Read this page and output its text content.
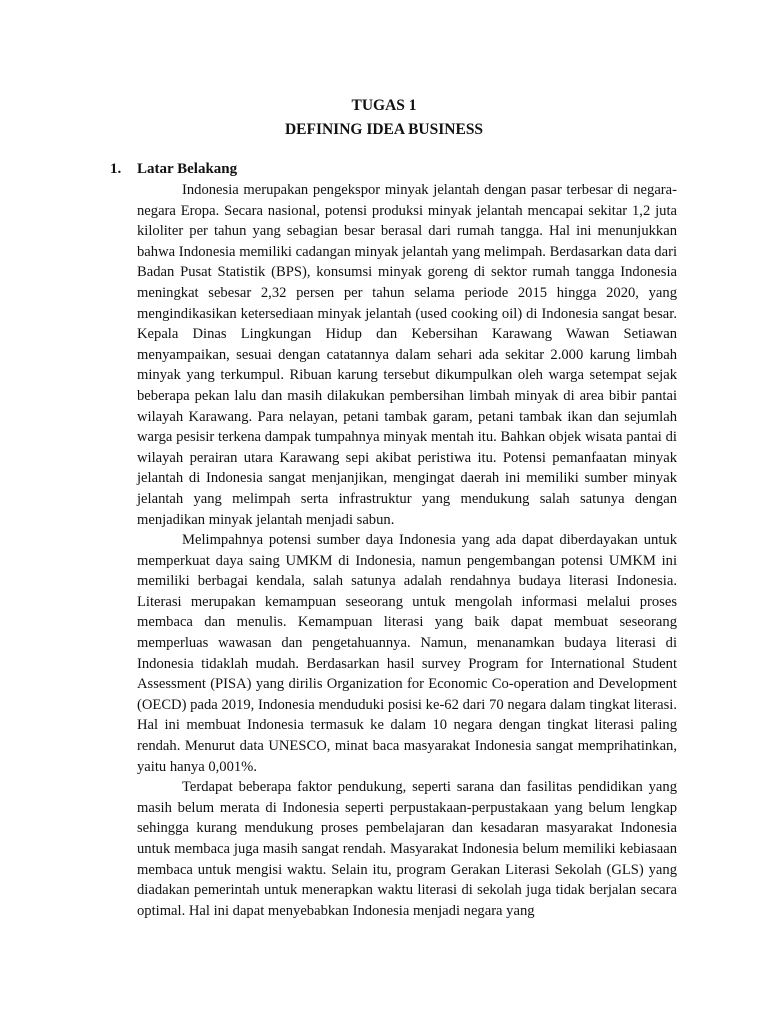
TUGAS 1
DEFINING IDEA BUSINESS
1. Latar Belakang

Indonesia merupakan pengekspor minyak jelantah dengan pasar terbesar di negara-negara Eropa. Secara nasional, potensi produksi minyak jelantah mencapai sekitar 1,2 juta kiloliter per tahun yang sebagian besar berasal dari rumah tangga. Hal ini menunjukkan bahwa Indonesia memiliki cadangan minyak jelantah yang melimpah. Berdasarkan data dari Badan Pusat Statistik (BPS), konsumsi minyak goreng di sektor rumah tangga Indonesia meningkat sebesar 2,32 persen per tahun selama periode 2015 hingga 2020, yang mengindikasikan ketersediaan minyak jelantah (used cooking oil) di Indonesia sangat besar. Kepala Dinas Lingkungan Hidup dan Kebersihan Karawang Wawan Setiawan menyampaikan, sesuai dengan catatannya dalam sehari ada sekitar 2.000 karung limbah minyak yang terkumpul. Ribuan karung tersebut dikumpulkan oleh warga setempat sejak beberapa pekan lalu dan masih dilakukan pembersihan limbah minyak di area bibir pantai wilayah Karawang. Para nelayan, petani tambak garam, petani tambak ikan dan sejumlah warga pesisir terkena dampak tumpahnya minyak mentah itu. Bahkan objek wisata pantai di wilayah perairan utara Karawang sepi akibat peristiwa itu. Potensi pemanfaatan minyak jelantah di Indonesia sangat menjanjikan, mengingat daerah ini memiliki sumber minyak jelantah yang melimpah serta infrastruktur yang mendukung salah satunya dengan menjadikan minyak jelantah menjadi sabun.

Melimpahnya potensi sumber daya Indonesia yang ada dapat diberdayakan untuk memperkuat daya saing UMKM di Indonesia, namun pengembangan potensi UMKM ini memiliki berbagai kendala, salah satunya adalah rendahnya budaya literasi Indonesia. Literasi merupakan kemampuan seseorang untuk mengolah informasi melalui proses membaca dan menulis. Kemampuan literasi yang baik dapat membuat seseorang memperluas wawasan dan pengetahuannya. Namun, menanamkan budaya literasi di Indonesia tidaklah mudah. Berdasarkan hasil survey Program for International Student Assessment (PISA) yang dirilis Organization for Economic Co-operation and Development (OECD) pada 2019, Indonesia menduduki posisi ke-62 dari 70 negara dalam tingkat literasi. Hal ini membuat Indonesia termasuk ke dalam 10 negara dengan tingkat literasi paling rendah. Menurut data UNESCO, minat baca masyarakat Indonesia sangat memprihatinkan, yaitu hanya 0,001%.

Terdapat beberapa faktor pendukung, seperti sarana dan fasilitas pendidikan yang masih belum merata di Indonesia seperti perpustakaan-perpustakaan yang belum lengkap sehingga kurang mendukung proses pembelajaran dan kesadaran masyarakat Indonesia untuk membaca juga masih sangat rendah. Masyarakat Indonesia belum memiliki kebiasaan membaca untuk mengisi waktu. Selain itu, program Gerakan Literasi Sekolah (GLS) yang diadakan pemerintah untuk menerapkan waktu literasi di sekolah juga tidak berjalan secara optimal. Hal ini dapat menyebabkan Indonesia menjadi negara yang
